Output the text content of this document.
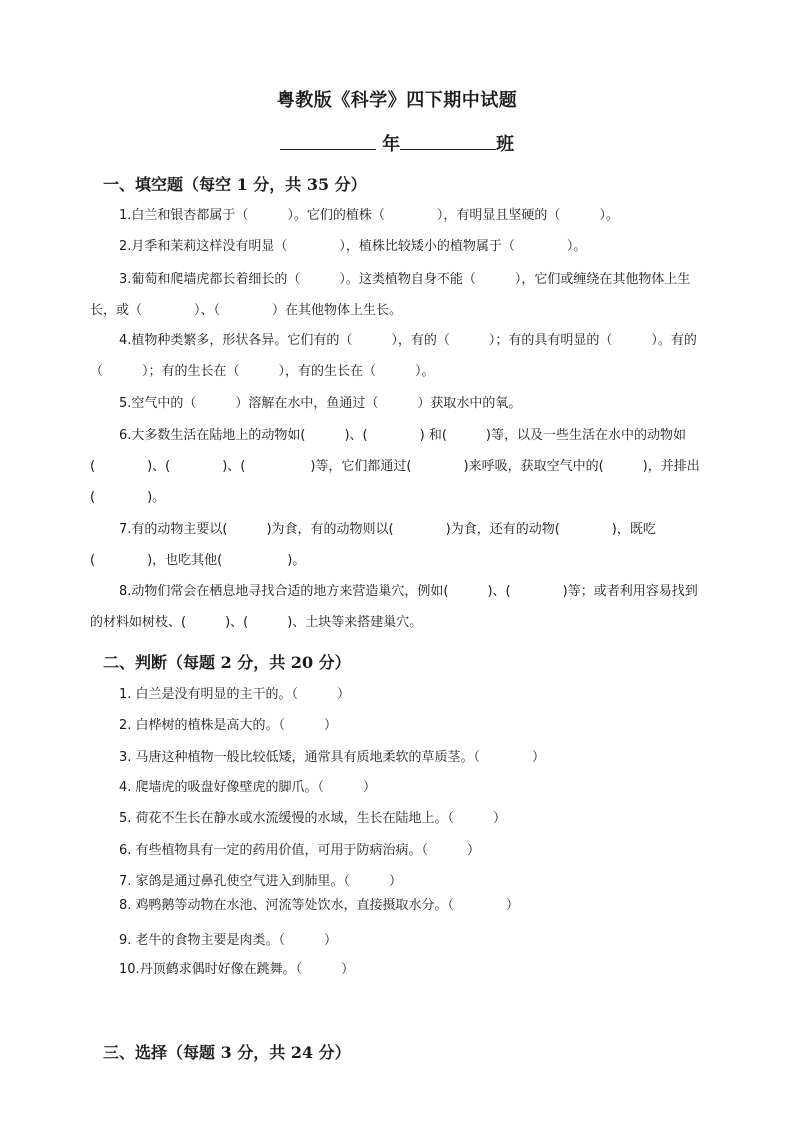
粤教版《科学》四下期中试题
年	班
一、填空题（每空 1 分，共 35 分）
1.白兰和银杏都属于（　　　）。它们的植株（　　　　），有明显且坚硬的（　　　）。
2.月季和茉莉这样没有明显（　　　　），植株比较矮小的植物属于（　　　　）。
3.葡萄和爬墙虎都长着细长的（　　　）。这类植物自身不能（　　　），它们或缠绕在其他物体上生长，或（　　　　）、（　　　　）在其他物体上生长。
4.植物种类繁多，形状各异。它们有的（　　　），有的（　　　）；有的具有明显的（　　　）。有的（　　　）；有的生长在（　　　），有的生长在（　　　）。
5.空气中的（　　　）溶解在水中，鱼通过（　　　）获取水中的氧。
6.大多数生活在陆地上的动物如(　　　)、(　　　　) 和(　　　)等，以及一些生活在水中的动物如(　　　　)、(　　　　)、(　　　　　)等，它们都通过(　　　　)来呼吸，获取空气中的(　　　)，并排出(　　　　)。
7.有的动物主要以(　　　)为食，有的动物则以(　　　　)为食，还有的动物(　　　　)，既吃(　　　　)，也吃其他(　　　　　)。
8.动物们常会在栖息地寻找合适的地方来营造巢穴，例如(　　　)、(　　　　)等；或者利用容易找到的材料如树枝、(　　　)、(　　　)、土块等来搭建巢穴。
二、判断（每题 2 分，共 20 分）
1. 白兰是没有明显的主干的。（　　　）
2. 白桦树的植株是高大的。（　　　）
3. 马唐这种植物一般比较低矮，通常具有质地柔软的草质茎。（　　　　）
4. 爬墙虎的吸盘好像壁虎的脚爪。（　　　）
5. 荷花不生长在静水或水流缓慢的水域，生长在陆地上。（　　　）
6. 有些植物具有一定的药用价值，可用于防病治病。（　　　）
7. 家鸽是通过鼻孔使空气进入到肺里。（　　　）
8. 鸡鸭鹅等动物在水池、河流等处饮水，直接摄取水分。（　　　　）
9. 老牛的食物主要是肉类。（　　　）
10.丹顶鹤求偶时好像在跳舞。（　　　）
三、选择（每题 3 分，共 24 分）
